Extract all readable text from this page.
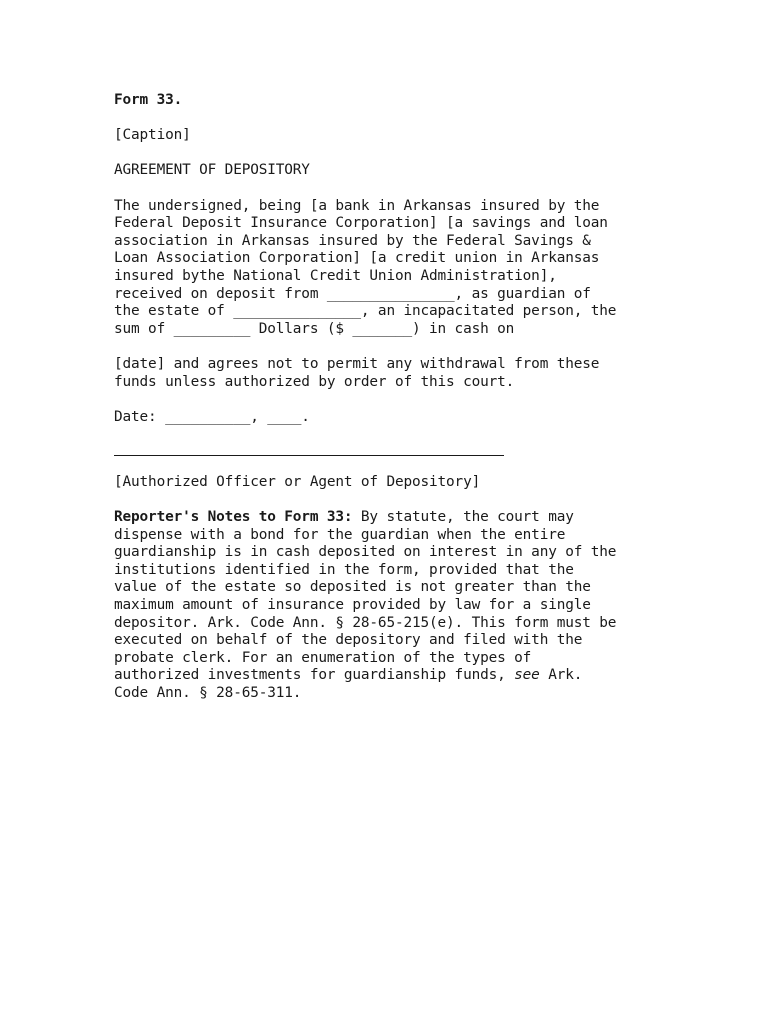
Form 33.
[Caption]
AGREEMENT OF DEPOSITORY
The undersigned, being [a bank in Arkansas insured by the
Federal Deposit Insurance Corporation] [a savings and loan
association in Arkansas insured by the Federal Savings &
Loan Association Corporation] [a credit union in Arkansas
insured bythe National Credit Union Administration],
received on deposit from _______________, as guardian of
the estate of _______________, an incapacitated person, the
sum of _________ Dollars ($ _______) in cash on
[date] and agrees not to permit any withdrawal from these
funds unless authorized by order of this court.
Date: __________, ____.
[Authorized Officer or Agent of Depository]
Reporter's Notes to Form 33: By statute, the court may
dispense with a bond for the guardian when the entire
guardianship is in cash deposited on interest in any of the
institutions identified in the form, provided that the
value of the estate so deposited is not greater than the
maximum amount of insurance provided by law for a single
depositor. Ark. Code Ann. § 28-65-215(e). This form must be
executed on behalf of the depository and filed with the
probate clerk. For an enumeration of the types of
authorized investments for guardianship funds, see Ark.
Code Ann. § 28-65-311.
